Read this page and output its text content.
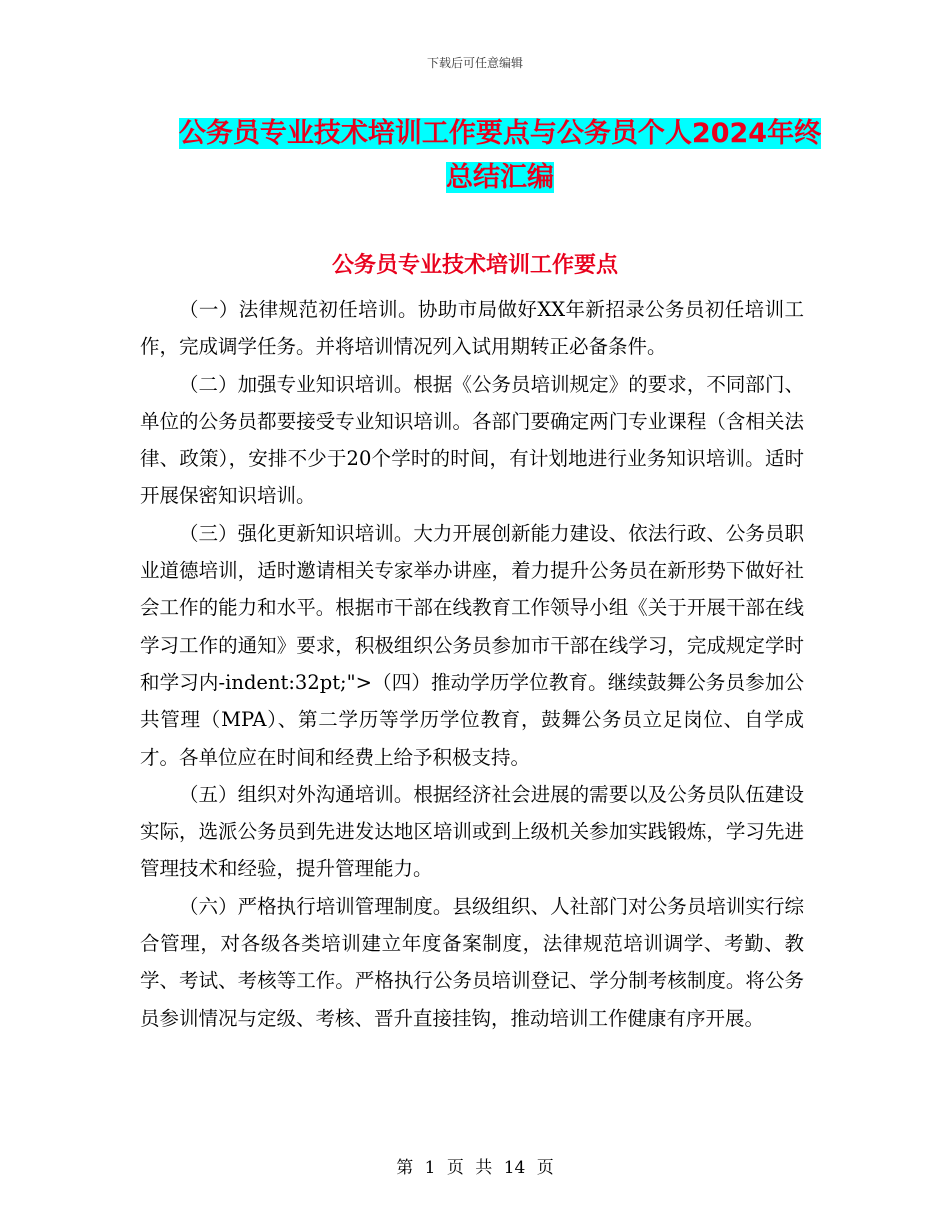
下载后可任意编辑
公务员专业技术培训工作要点与公务员个人2024年终
总结汇编
公务员专业技术培训工作要点

（一）法律规范初任培训。协助市局做好XX年新招录公务员初任培训工作，完成调学任务。并将培训情况列入试用期转正必备条件。

（二）加强专业知识培训。根据《公务员培训规定》的要求，不同部门、单位的公务员都要接受专业知识培训。各部门要确定两门专业课程（含相关法律、政策），安排不少于20个学时的时间，有计划地进行业务知识培训。适时开展保密知识培训。

（三）强化更新知识培训。大力开展创新能力建设、依法行政、公务员职业道德培训，适时邀请相关专家举办讲座，着力提升公务员在新形势下做好社会工作的能力和水平。根据市干部在线教育工作领导小组《关于开展干部在线学习工作的通知》要求，积极组织公务员参加市干部在线学习，完成规定学时和学习内-indent:32pt;">（四）推动学历学位教育。继续鼓舞公务员参加公共管理（MPA）、第二学历等学历学位教育，鼓舞公务员立足岗位、自学成才。各单位应在时间和经费上给予积极支持。

（五）组织对外沟通培训。根据经济社会进展的需要以及公务员队伍建设实际，选派公务员到先进发达地区培训或到上级机关参加实践锻炼，学习先进管理技术和经验，提升管理能力。

（六）严格执行培训管理制度。县级组织、人社部门对公务员培训实行综合管理，对各级各类培训建立年度备案制度，法律规范培训调学、考勤、教学、考试、考核等工作。严格执行公务员培训登记、学分制考核制度。将公务员参训情况与定级、考核、晋升直接挂钩，推动培训工作健康有序开展。

第 1 页 共 14 页
